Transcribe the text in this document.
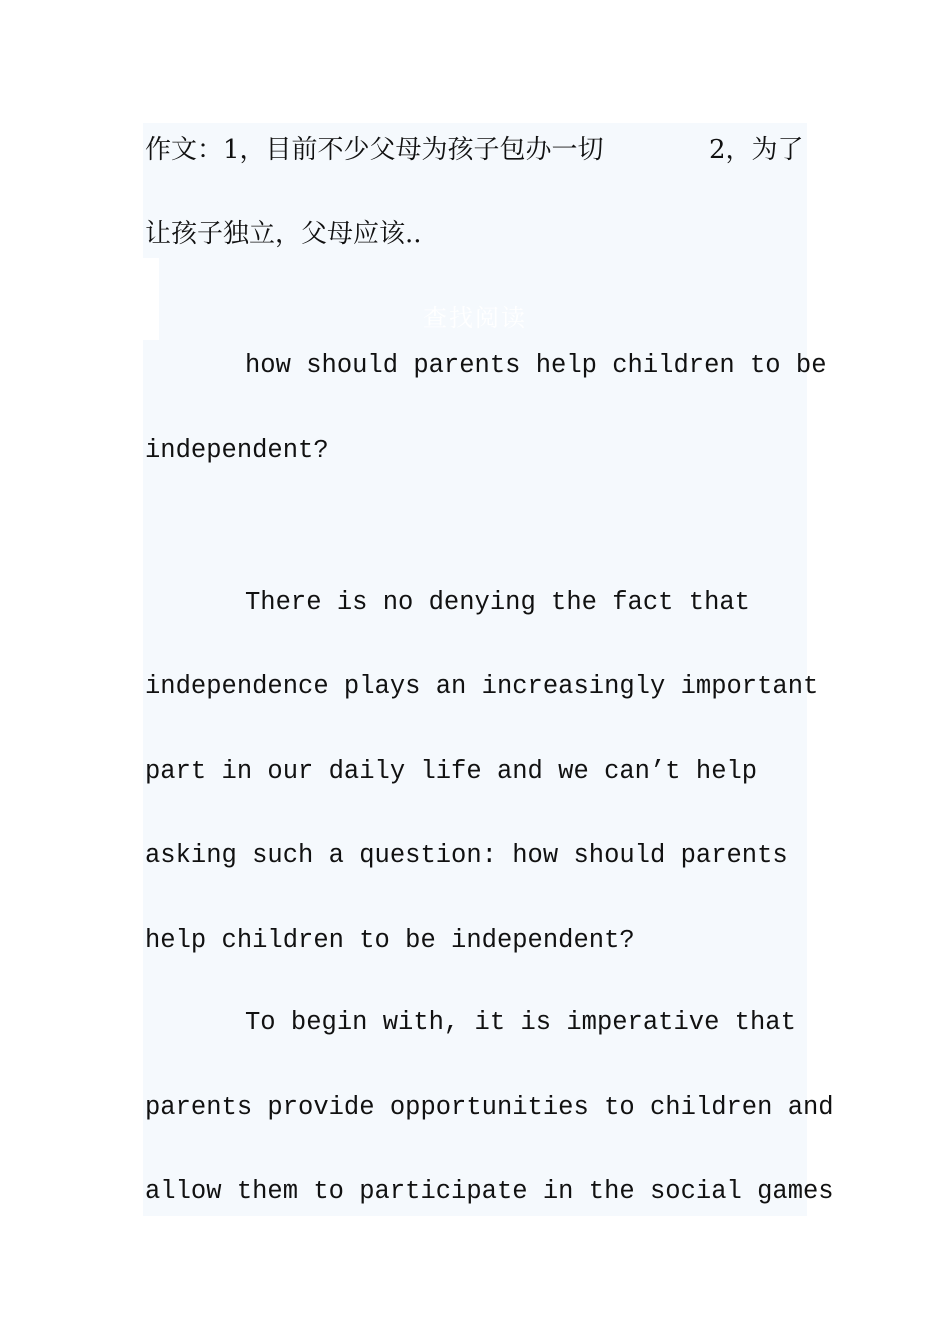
作文：1，目前不少父母为孩子包办一切	2，为了
让孩子独立，父母应该..
查找阅读
how should parents help children to be
independent?
There is no denying the fact that
independence plays an increasingly important
part in our daily life and we can’t help
asking such a question: how should parents
help children to be independent?
To begin with, it is imperative that
parents provide opportunities to children and
allow them to participate in the social games
